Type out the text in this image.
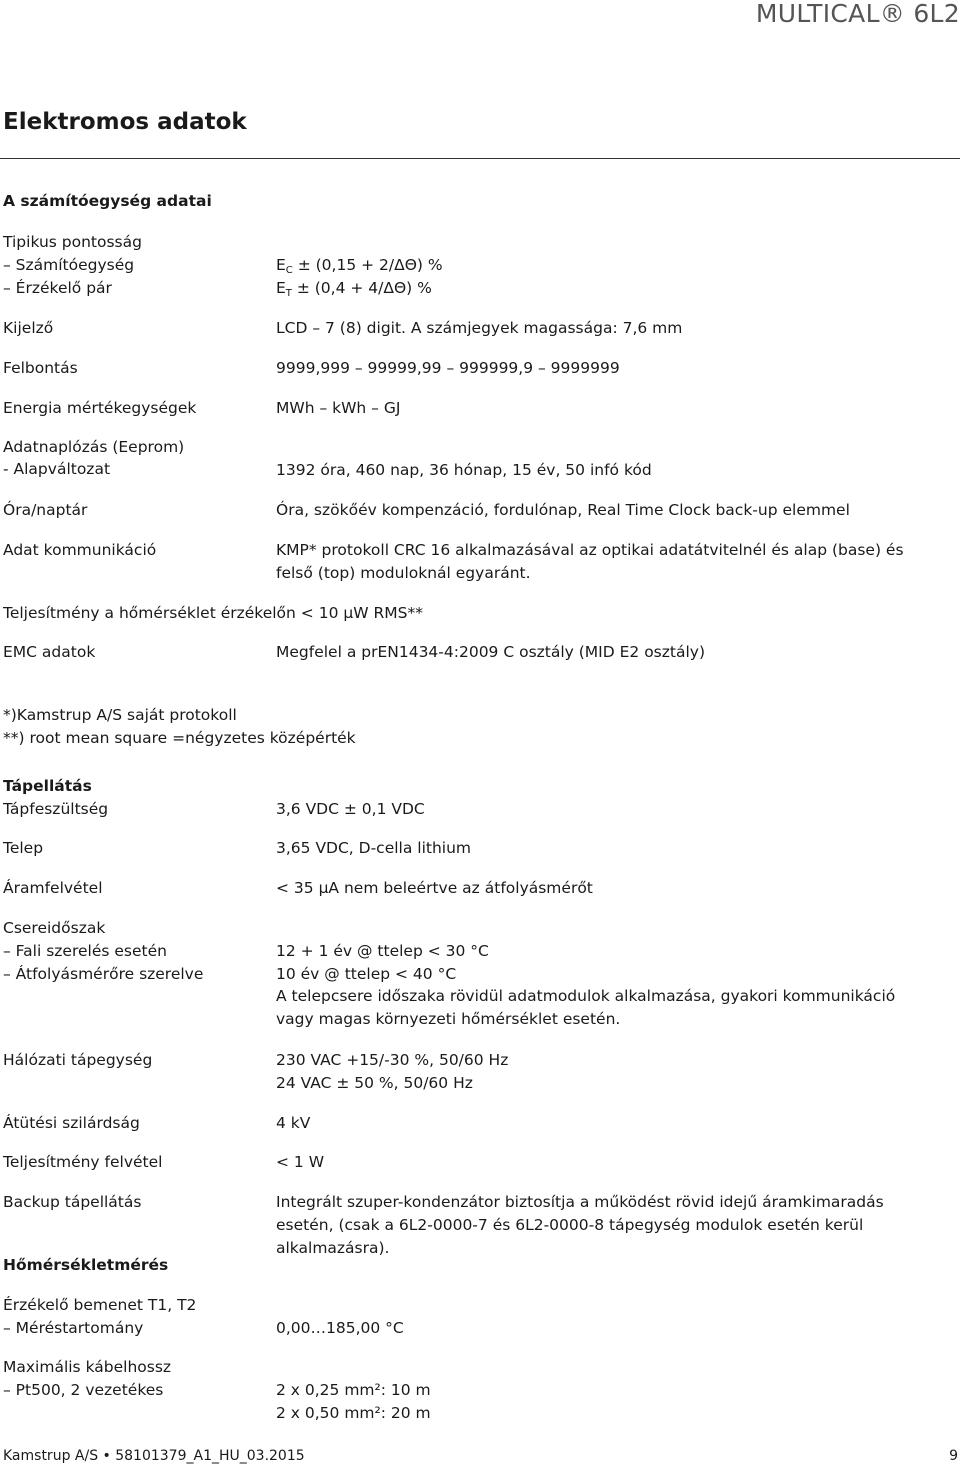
MULTICAL® 6L2
Elektromos adatok
A számítóegység adatai
Tipikus pontosság
– Számítóegység	$E_C \pm (0,15 + 2/\Delta\Theta)$ %
– Érzékelő pár	$E_T \pm (0,4 + 4/\Delta\Theta)$ %
Kijelző	LCD – 7 (8) digit. A számjegyek magassága: 7,6 mm
Felbontás	9999,999 – 99999,99 – 999999,9 – 9999999
Energia mértékegységek	MWh – kWh – GJ
Adatnaplózás (Eeprom)
- Alapváltozat	1392 óra, 460 nap, 36 hónap, 15 év, 50 infó kód
Óra/naptár	Óra, szökőév kompenzáció, fordulónap, Real Time Clock back-up elemmel
Adat kommunikáció	KMP* protokoll CRC 16 alkalmazásával az optikai adatátvitelnél és alap (base) és felső (top) moduloknál egyaránt.
Teljesítmény a hőmérséklet érzékelőn < 10 µW RMS**
EMC adatok	Megfelel a prEN1434-4:2009 C osztály (MID E2 osztály)
*)Kamstrup A/S saját protokoll
**) root mean square =négyzetes középérték
Tápellátás
Tápfeszültség	3,6 VDC ± 0,1 VDC
Telep	3,65 VDC, D-cella lithium
Áramfelvétel	< 35 µA nem beleértve az átfolyásmérőt
Csereidőszak
– Fali szerelés esetén	12 + 1 év @ ttelep < 30 °C
– Átfolyásmérőre szerelve	10 év @ ttelep < 40 °C
A telepcsere időszaka rövidül adatmodulok alkalmazása, gyakori kommunikáció vagy magas környezeti hőmérséklet esetén.
Hálózati tápegység	230 VAC +15/-30 %, 50/60 Hz
24 VAC ± 50 %, 50/60 Hz
Átütési szilárdság	4 kV
Teljesítmény felvétel	< 1 W
Backup tápellátás	Integrált szuper-kondenzátor biztosítja a működést rövid idejű áramkimaradás esetén, (csak a 6L2-0000-7 és 6L2-0000-8 tápegység modulok esetén kerül alkalmazásra).
Hőmérsékletmérés
Érzékelő bemenet T1, T2
– Méréstartomány	0,00…185,00 °C
Maximális kábelhossz
– Pt500, 2 vezetékes	2 x 0,25 mm²: 10 m
2 x 0,50 mm²: 20 m
Kamstrup A/S • 58101379_A1_HU_03.2015	9
